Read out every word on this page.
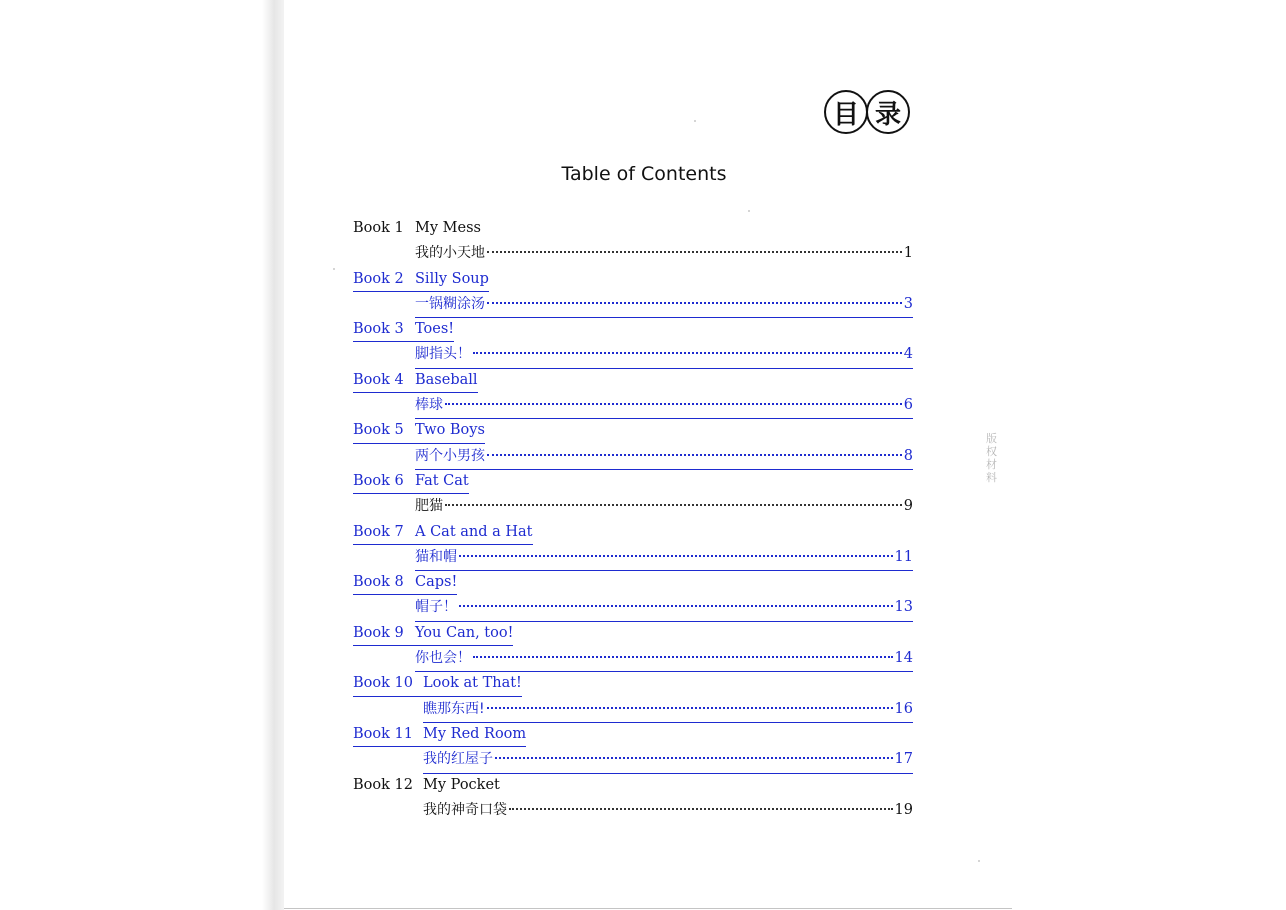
目 录
Table of Contents
Book 1 My Mess
我的小天地	1
Book 2 Silly Soup
一锅糊涂汤	3
Book 3 Toes!
脚指头！	4
Book 4 Baseball
棒球	6
Book 5 Two Boys
两个小男孩	8
Book 6 Fat Cat
肥猫	9
Book 7 A Cat and a Hat
猫和帽	11
Book 8 Caps!
帽子！	13
Book 9 You Can, too!
你也会！	14
Book 10 Look at That!
瞧那东西!	16
Book 11 My Red Room
我的红屋子	17
Book 12 My Pocket
我的神奇口袋	19
版权材料
